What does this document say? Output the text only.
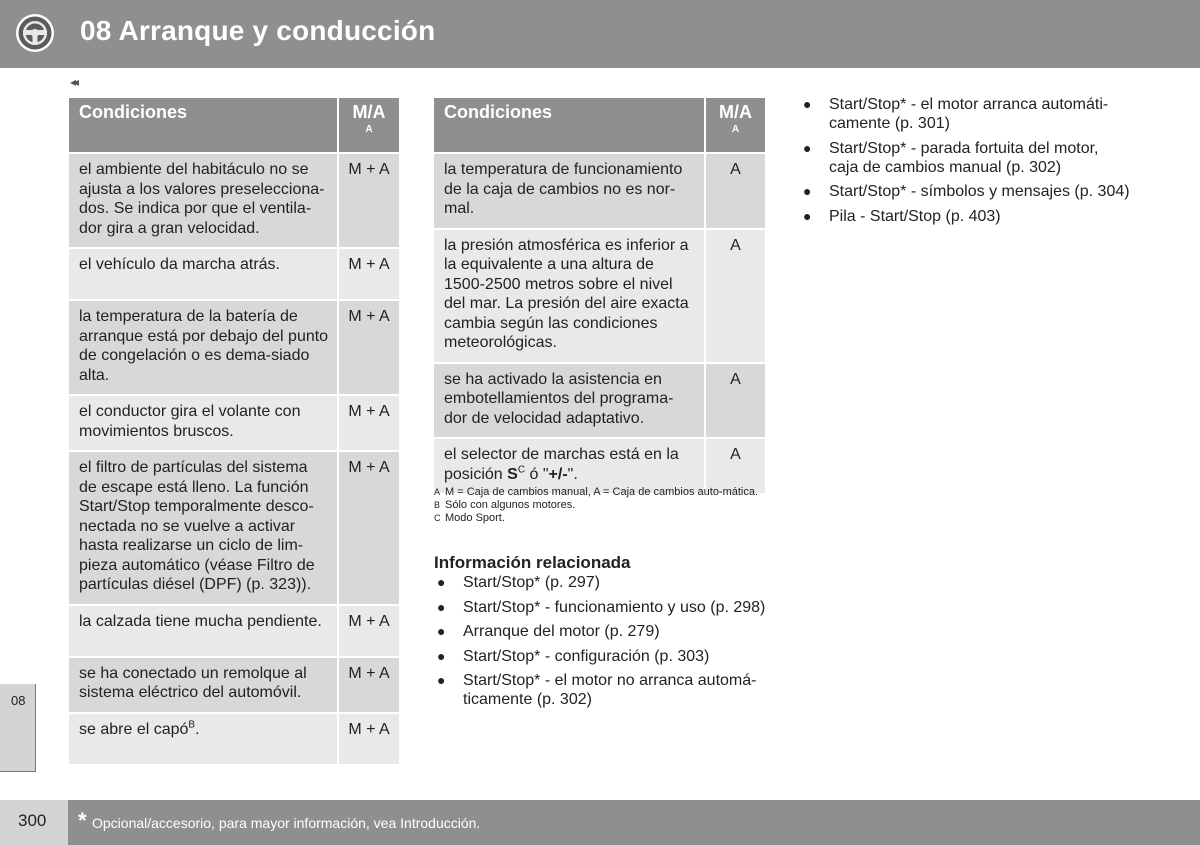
08 Arranque y conducción
◂◂
08
Condiciones	M/A
A

el ambiente del habitáculo no se ajusta a los valores preselecciona-dos. Se indica por que el ventila-dor gira a gran velocidad.	M + A
el vehículo da marcha atrás.	M + A
la temperatura de la batería de arranque está por debajo del punto de congelación o es dema-siado alta.	M + A
el conductor gira el volante con movimientos bruscos.	M + A
el filtro de partículas del sistema de escape está lleno. La función Start/Stop temporalmente desco-nectada no se vuelve a activar hasta realizarse un ciclo de lim-pieza automático (véase Filtro de partículas diésel (DPF) (p. 323)).	M + A
la calzada tiene mucha pendiente.	M + A
se ha conectado un remolque al sistema eléctrico del automóvil.	M + A
se abre el capó$^B$.	M + A
Condiciones	M/A
A

la temperatura de funcionamiento de la caja de cambios no es nor-mal.	A
la presión atmosférica es inferior a la equivalente a una altura de 1500-2500 metros sobre el nivel del mar. La presión del aire exacta cambia según las condiciones meteorológicas.	A
se ha activado la asistencia en embotellamientos del programa-dor de velocidad adaptativo.	A
el selector de marchas está en la posición $S^C$ ó "+/-".	A
A M = Caja de cambios manual, A = Caja de cambios auto-mática.
B Sólo con algunos motores.
C Modo Sport.
Información relacionada
● Start/Stop* (p. 297)
● Start/Stop* - funcionamiento y uso (p. 298)
● Arranque del motor (p. 279)
● Start/Stop* - configuración (p. 303)
● Start/Stop* - el motor no arranca automá-ticamente (p. 302)
● Start/Stop* - el motor arranca automáti-camente (p. 301)
● Start/Stop* - parada fortuita del motor, caja de cambios manual (p. 302)
● Start/Stop* - símbolos y mensajes (p. 304)
● Pila - Start/Stop (p. 403)
300 * Opcional/accesorio, para mayor información, vea Introducción.
